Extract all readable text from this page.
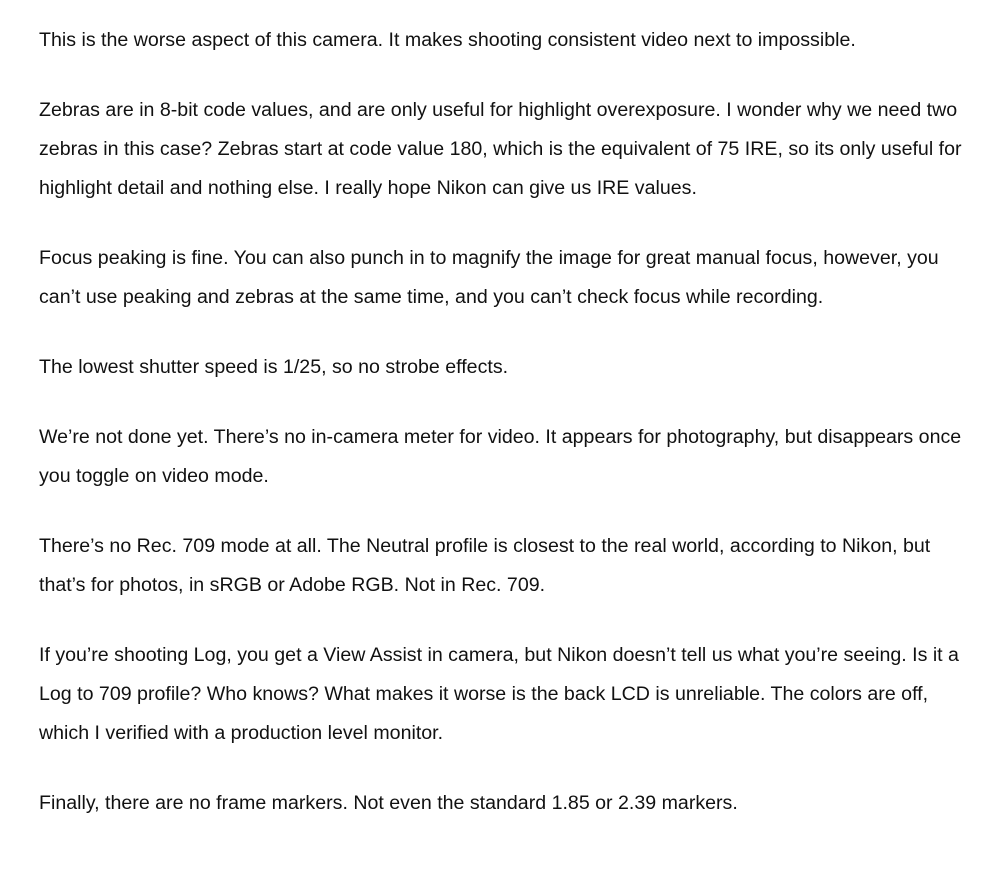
This is the worse aspect of this camera. It makes shooting consistent video next to impossible.

Zebras are in 8-bit code values, and are only useful for highlight overexposure. I wonder why we need two zebras in this case? Zebras start at code value 180, which is the equivalent of 75 IRE, so its only useful for highlight detail and nothing else. I really hope Nikon can give us IRE values.

Focus peaking is fine. You can also punch in to magnify the image for great manual focus, however, you can’t use peaking and zebras at the same time, and you can’t check focus while recording.

The lowest shutter speed is 1/25, so no strobe effects.

We’re not done yet. There’s no in-camera meter for video. It appears for photography, but disappears once you toggle on video mode.

There’s no Rec. 709 mode at all. The Neutral profile is closest to the real world, according to Nikon, but that’s for photos, in sRGB or Adobe RGB. Not in Rec. 709.

If you’re shooting Log, you get a View Assist in camera, but Nikon doesn’t tell us what you’re seeing. Is it a Log to 709 profile? Who knows? What makes it worse is the back LCD is unreliable. The colors are off, which I verified with a production level monitor.

Finally, there are no frame markers. Not even the standard 1.85 or 2.39 markers.
